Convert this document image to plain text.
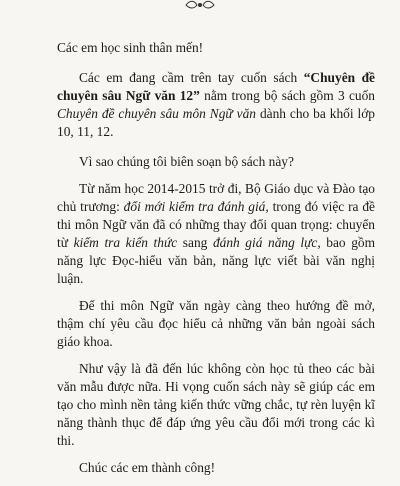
Các em học sinh thân mến!

Các em đang cầm trên tay cuốn sách “Chuyên đề chuyên sâu Ngữ văn 12” nằm trong bộ sách gồm 3 cuốn Chuyên đề chuyên sâu môn Ngữ văn dành cho ba khối lớp 10, 11, 12.

Vì sao chúng tôi biên soạn bộ sách này?

Từ năm học 2014-2015 trở đi, Bộ Giáo dục và Đào tạo chủ trương: đổi mới kiểm tra đánh giá, trong đó việc ra đề thi môn Ngữ văn đã có những thay đổi quan trọng: chuyển từ kiểm tra kiến thức sang đánh giá năng lực, bao gồm năng lực Đọc-hiểu văn bản, năng lực viết bài văn nghị luận.

Để thi môn Ngữ văn ngày càng theo hướng đề mở, thậm chí yêu cầu đọc hiểu cả những văn bản ngoài sách giáo khoa.

Như vậy là đã đến lúc không còn học tủ theo các bài văn mẫu được nữa. Hi vọng cuốn sách này sẽ giúp các em tạo cho mình nền tảng kiến thức vững chắc, tự rèn luyện kĩ năng thành thục để đáp ứng yêu cầu đổi mới trong các kì thi.

Chúc các em thành công!
